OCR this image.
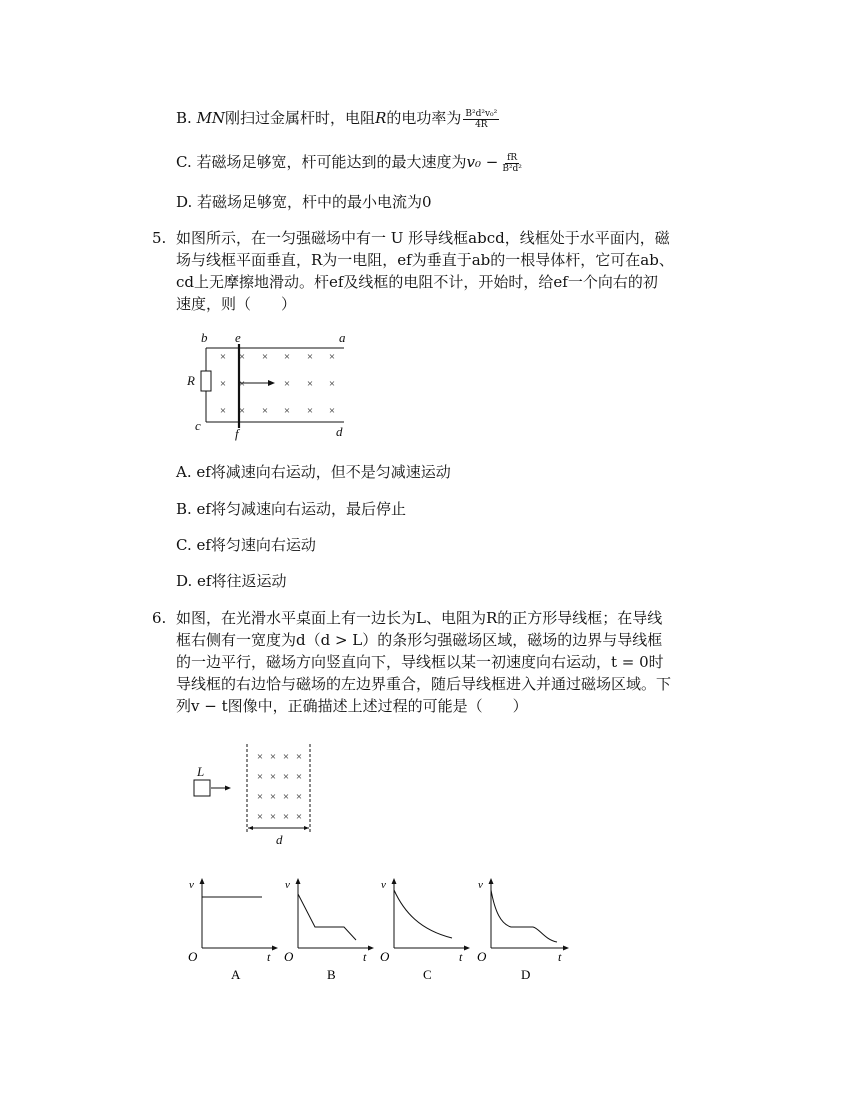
B. MN刚扫过金属杆时，电阻R的电功率为 $\frac{\text{B²d²v₀²}}{4R}$
C. 若磁场足够宽，杆可能达到的最大速度为$v_0 - \frac{fR}{\text{B²d²}}$
D. 若磁场足够宽，杆中的最小电流为0
5. 如图所示，在一匀强磁场中有一 U 形导线框abcd，线框处于水平面内，磁
场与线框平面垂直，R为一电阻，ef为垂直于ab的一根导体杆，它可在ab、
cd上无摩擦地滑动。杆ef及线框的电阻不计，开始时，给ef一个向右的初
速度，则（　　）
× × × × × ×
× ×	× × ×
× × × × × ×
b e	a
R
c
f	d
A. ef将减速向右运动，但不是匀减速运动
B. ef将匀减速向右运动，最后停止
C. ef将匀速向右运动
D. ef将往返运动
6. 如图，在光滑水平桌面上有一边长为L、电阻为R的正方形导线框；在导线
框右侧有一宽度为d（d > L）的条形匀强磁场区域，磁场的边界与导线框
的一边平行，磁场方向竖直向下，导线框以某一初速度向右运动，t = 0时
导线框的右边恰与磁场的左边界重合，随后导线框进入并通过磁场区域。下
列v − t图像中，正确描述上述过程的可能是（　　）
× × × ×
× × × ×
× × × ×
× × × ×
L
d
v
t
O
A
v
t
O
B
v
t
O
C
v
t
O
D
